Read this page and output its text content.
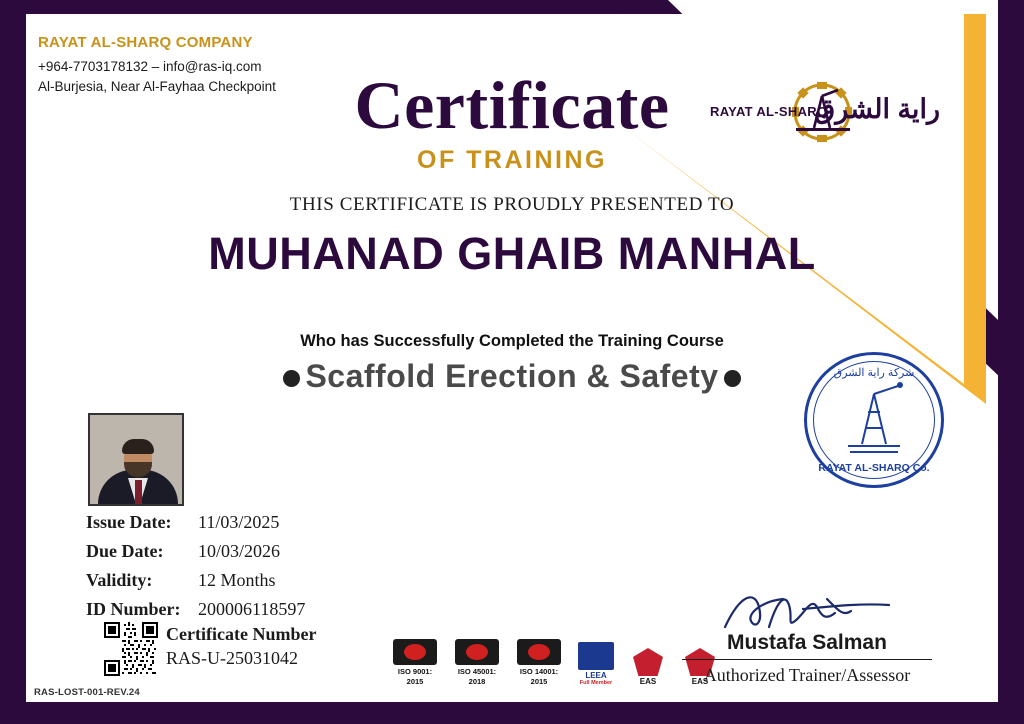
RAYAT AL-SHARQ COMPANY
+964-7703178132 – info@ras-iq.com
Al-Burjesia, Near Al-Fayhaa Checkpoint
RAYAT AL-SHARQ
راية الشرق
Certificate
OF TRAINING
THIS CERTIFICATE IS PROUDLY PRESENTED TO
MUHANAD GHAIB MANHAL
Who has Successfully Completed the Training Course
Scaffold Erection & Safety
Issue Date:	11/03/2025
Due Date:	10/03/2026
Validity:	12 Months
ID Number: 200006118597
Certificate Number
RAS-U-25031042
شركة راية الشرق
RAYAT AL-SHARQ Co.
ISO 9001:
2015
ISO 45001:
2018
ISO 14001:
2015
LEEA
Full Member	EAS	EAS
Mustafa Salman
Authorized Trainer/Assessor
RAS-LOST-001-REV.24
